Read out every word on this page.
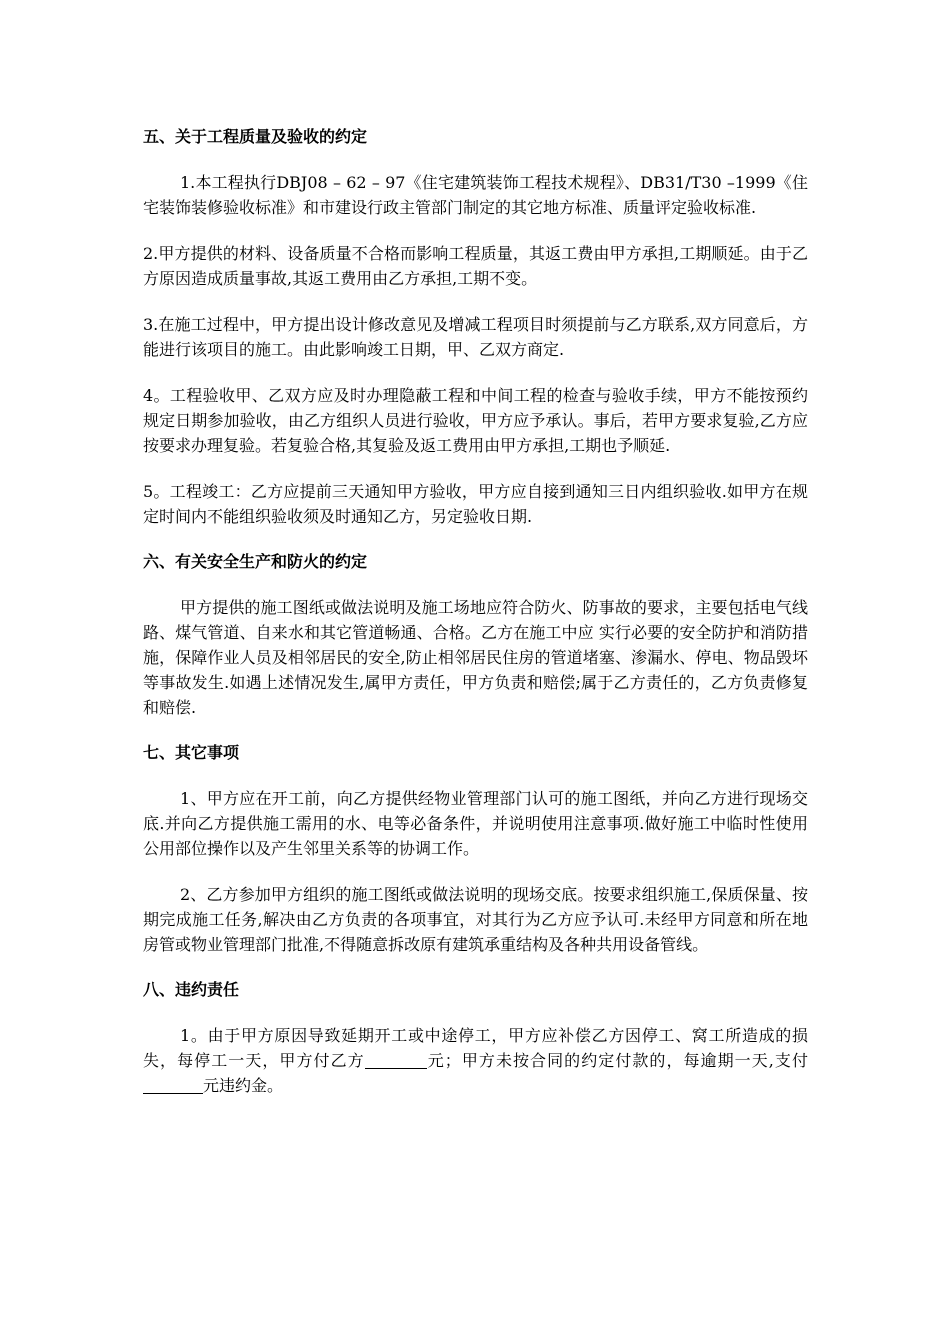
五、关于工程质量及验收的约定

1.本工程执行DBJ08 – 62 – 97《住宅建筑装饰工程技术规程》、DB31/T30 –1999《住宅装饰装修验收标准》和市建设行政主管部门制定的其它地方标准、质量评定验收标准.

2.甲方提供的材料、设备质量不合格而影响工程质量，其返工费由甲方承担,工期顺延。由于乙方原因造成质量事故,其返工费用由乙方承担,工期不变。

3.在施工过程中，甲方提出设计修改意见及增减工程项目时须提前与乙方联系,双方同意后，方能进行该项目的施工。由此影响竣工日期，甲、乙双方商定.

4。工程验收甲、乙双方应及时办理隐蔽工程和中间工程的检查与验收手续，甲方不能按预约规定日期参加验收，由乙方组织人员进行验收，甲方应予承认。事后，若甲方要求复验,乙方应按要求办理复验。若复验合格,其复验及返工费用由甲方承担,工期也予顺延.

5。工程竣工：乙方应提前三天通知甲方验收，甲方应自接到通知三日内组织验收.如甲方在规定时间内不能组织验收须及时通知乙方，另定验收日期.

六、有关安全生产和防火的约定

甲方提供的施工图纸或做法说明及施工场地应符合防火、防事故的要求，主要包括电气线路、煤气管道、自来水和其它管道畅通、合格。乙方在施工中应 实行必要的安全防护和消防措施，保障作业人员及相邻居民的安全,防止相邻居民住房的管道堵塞、渗漏水、停电、物品毁坏等事故发生.如遇上述情况发生,属甲方责任，甲方负责和赔偿;属于乙方责任的，乙方负责修复和赔偿.

七、其它事项

1、甲方应在开工前，向乙方提供经物业管理部门认可的施工图纸，并向乙方进行现场交底.并向乙方提供施工需用的水、电等必备条件，并说明使用注意事项.做好施工中临时性使用公用部位操作以及产生邻里关系等的协调工作。

2、乙方参加甲方组织的施工图纸或做法说明的现场交底。按要求组织施工,保质保量、按期完成施工任务,解决由乙方负责的各项事宜，对其行为乙方应予认可.未经甲方同意和所在地房管或物业管理部门批准,不得随意拆改原有建筑承重结构及各种共用设备管线。

八、违约责任

1。由于甲方原因导致延期开工或中途停工，甲方应补偿乙方因停工、窝工所造成的损失，每停工一天，甲方付乙方	元；甲方未按合同的约定付款的，每逾期一天,支付元违约金。
